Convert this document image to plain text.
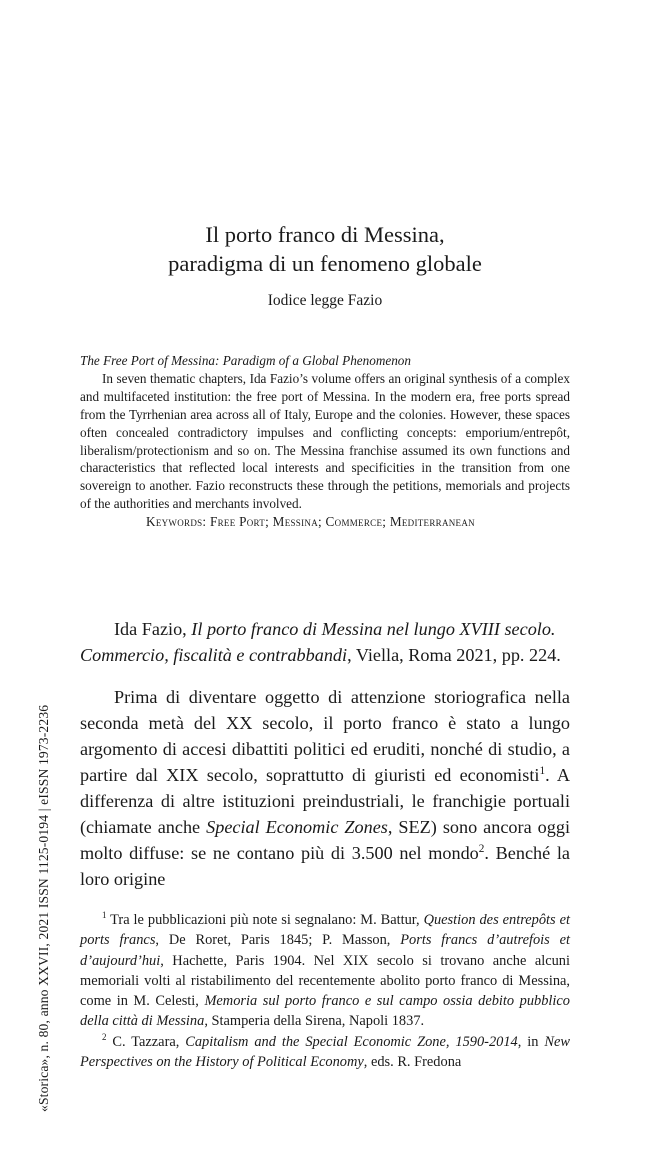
Il porto franco di Messina,
paradigma di un fenomeno globale
Iodice legge Fazio
The Free Port of Messina: Paradigm of a Global Phenomenon

In seven thematic chapters, Ida Fazio’s volume offers an original synthesis of a complex and multifaceted institution: the free port of Messina. In the modern era, free ports spread from the Tyrrhenian area across all of Italy, Europe and the colonies. However, these spaces often concealed contradictory impulses and conflicting concepts: emporium/entrepôt, liberalism/protectionism and so on. The Messina franchise assumed its own functions and characteristics that reflected local interests and specificities in the transition from one sovereign to another. Fazio reconstructs these through the petitions, memorials and projects of the authorities and merchants involved.

Keywords: Free Port; Messina; Commerce; Mediterranean

Ida Fazio, Il porto franco di Messina nel lungo XVIII secolo. Commercio, fiscalità e contrabbandi, Viella, Roma 2021, pp. 224.

Prima di diventare oggetto di attenzione storiografica nella seconda metà del XX secolo, il porto franco è stato a lungo argomento di accesi dibattiti politici ed eruditi, nonché di studio, a partire dal XIX secolo, soprattutto di giuristi ed economisti$^1$. A differenza di altre istituzioni preindustriali, le franchigie portuali (chiamate anche Special Economic Zones, SEZ) sono ancora oggi molto diffuse: se ne contano più di 3.500 nel mondo$^2$. Benché la loro origine

$^1$ Tra le pubblicazioni più note si segnalano: M. Battur, Question des entrepôts et ports francs, De Roret, Paris 1845; P. Masson, Ports francs d’autrefois et d’aujourd’hui, Hachette, Paris 1904. Nel XIX secolo si trovano anche alcuni memoriali volti al ristabilimento del recentemente abolito porto franco di Messina, come in M. Celesti, Memoria sul porto franco e sul campo ossia debito pubblico della città di Messina, Stamperia della Sirena, Napoli 1837.

$^2$ C. Tazzara, Capitalism and the Special Economic Zone, 1590-2014, in New Perspectives on the History of Political Economy, eds. R. Fredona

«Storica», n. 80, anno XXVII, 2021 ISSN 1125-0194 | eISSN 1973-2236
